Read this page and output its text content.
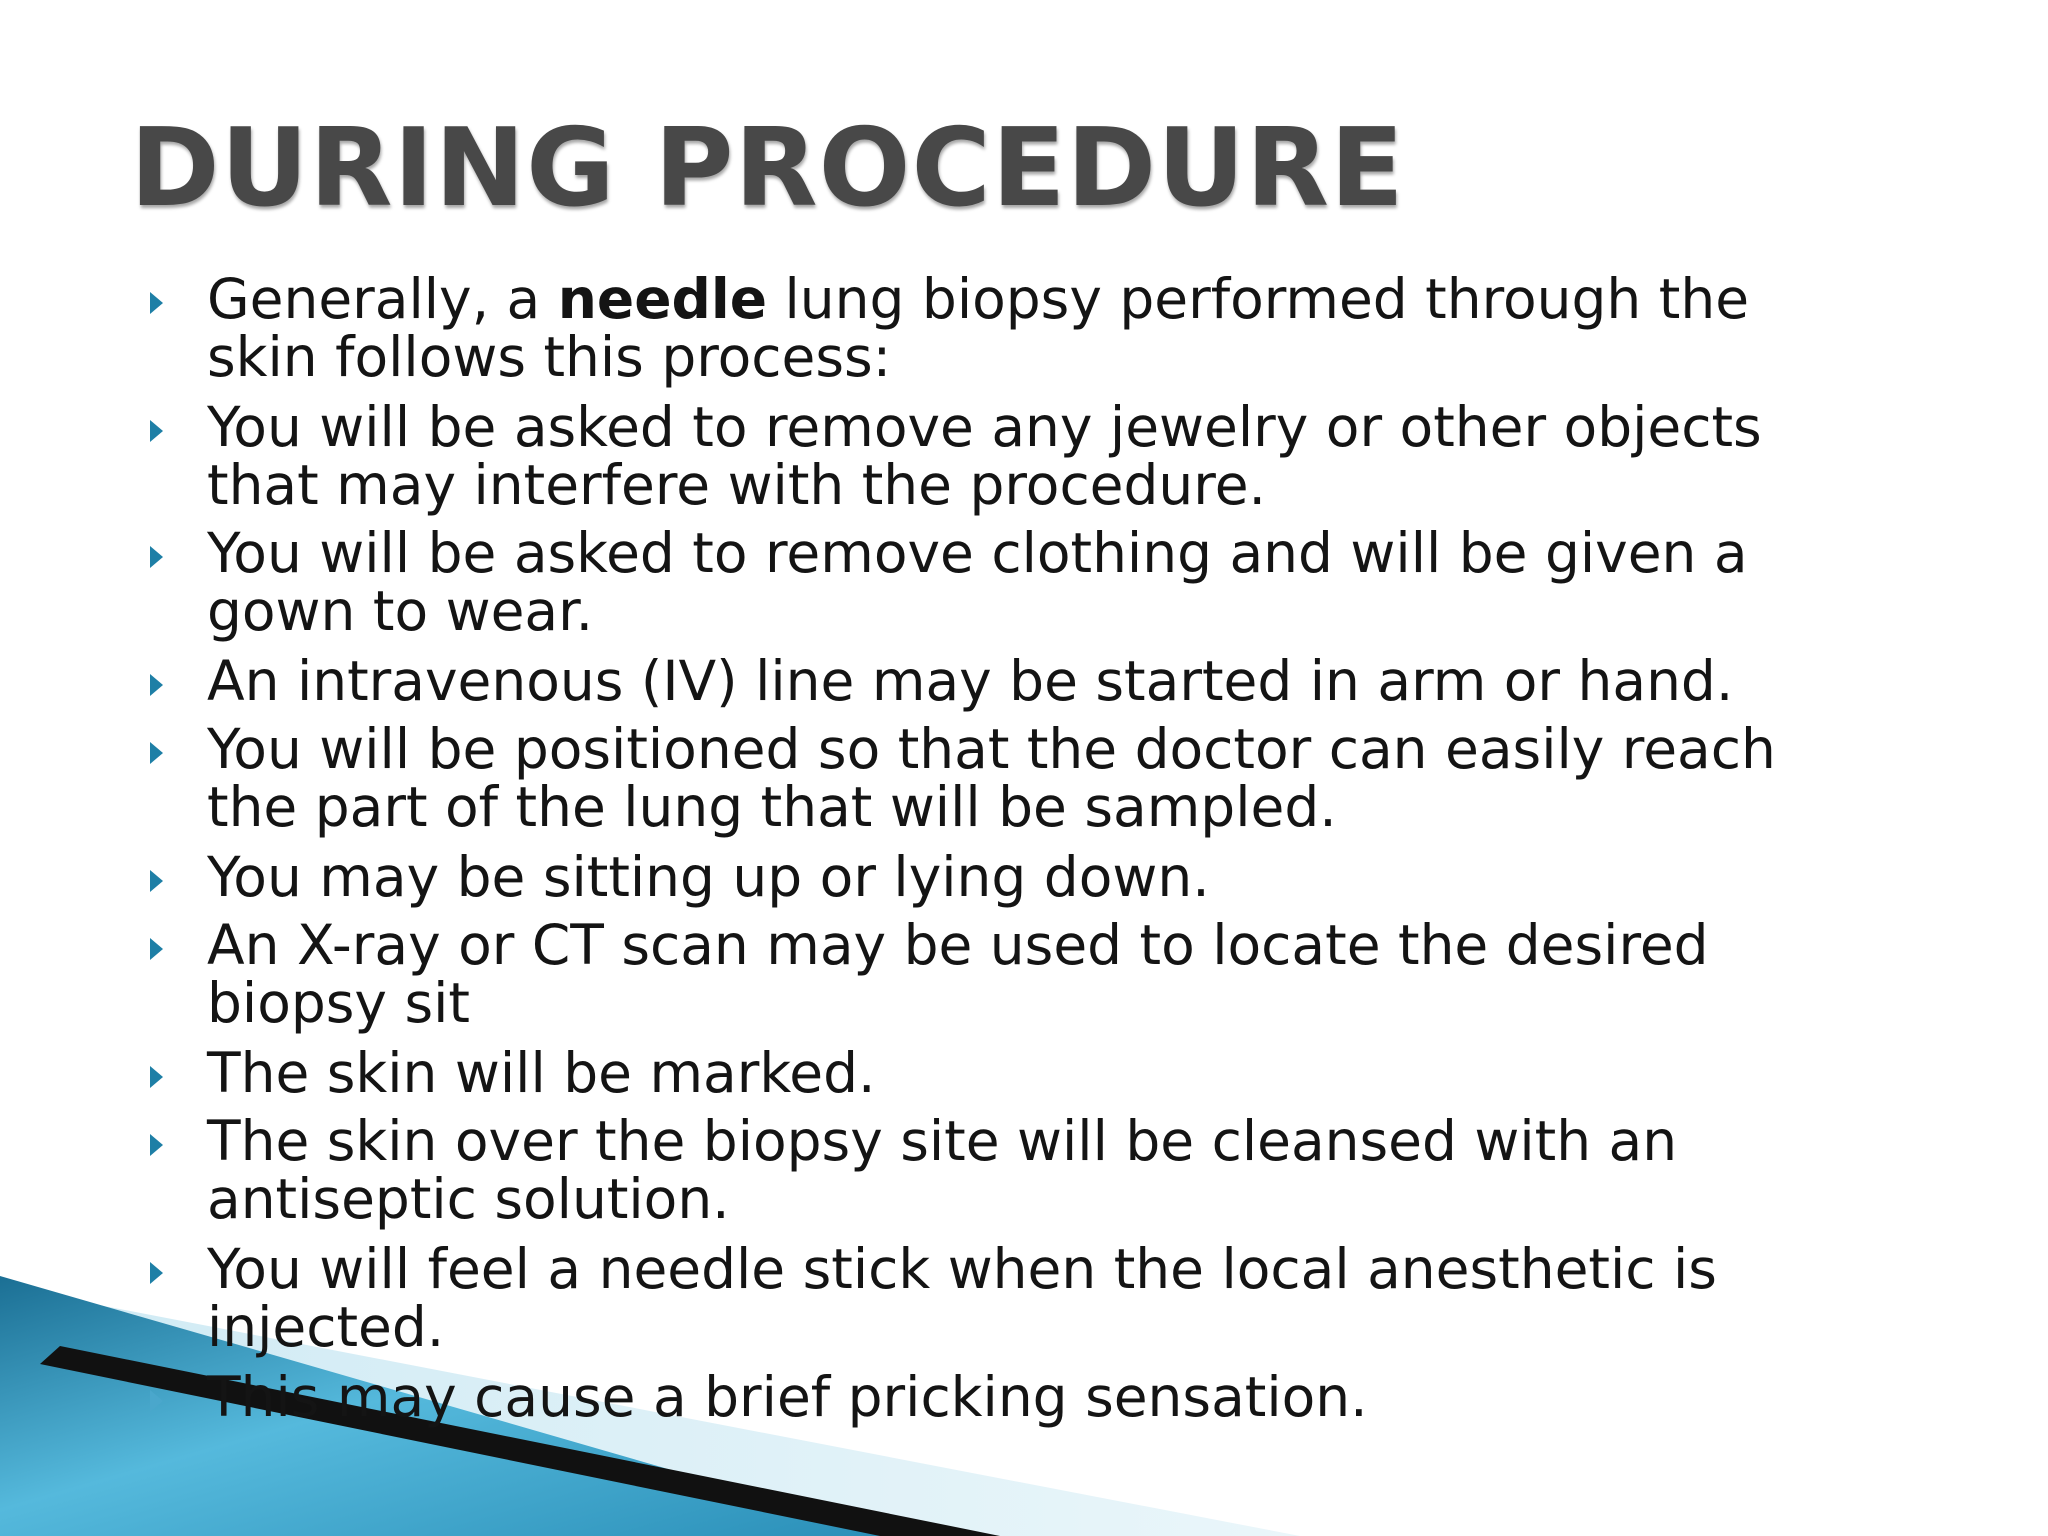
DURING PROCEDURE
Generally, a needle lung biopsy performed through the
skin follows this process:
You will be asked to remove any jewelry or other objects
that may interfere with the procedure.
You will be asked to remove clothing and will be given a
gown to wear.
An intravenous (IV) line may be started in arm or hand.
You will be positioned so that the doctor can easily reach
the part of the lung that will be sampled.
You may be sitting up or lying down.
An X-ray or CT scan may be used to locate the desired
biopsy sit
The skin will be marked.
The skin over the biopsy site will be cleansed with an
antiseptic solution.
You will feel a needle stick when the local anesthetic is
injected.
This may cause a brief pricking sensation.
